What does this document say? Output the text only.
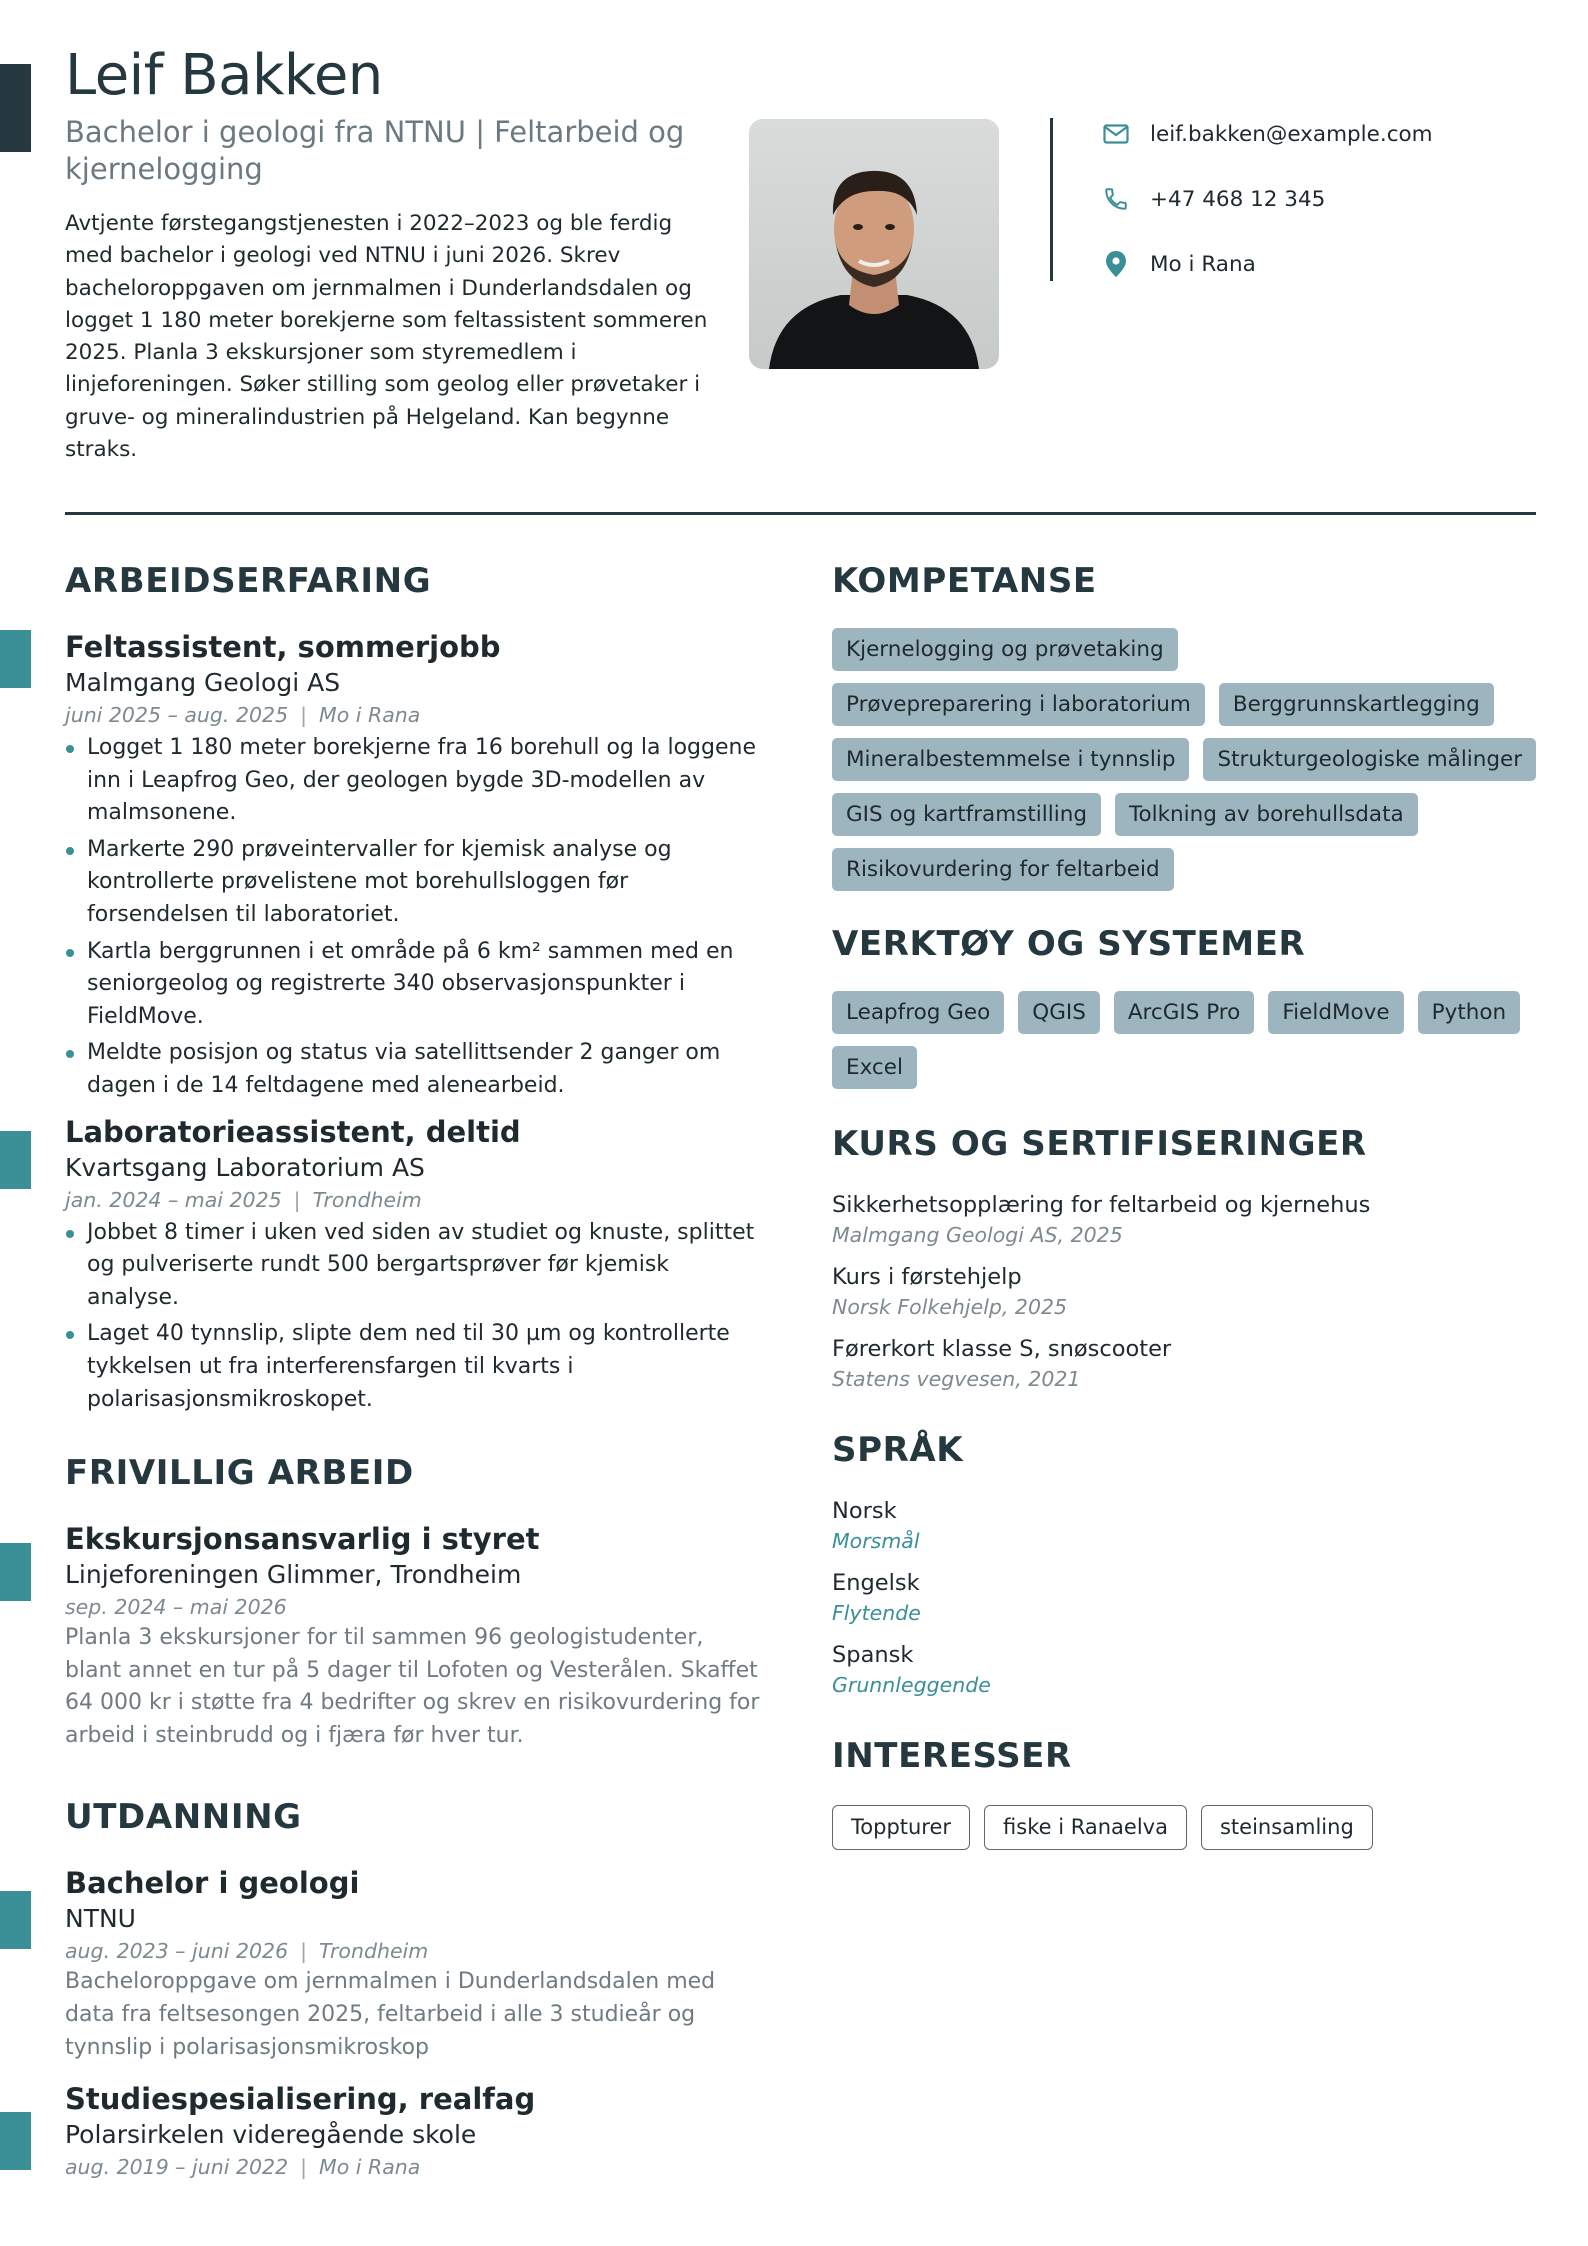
Leif Bakken

Bachelor i geologi fra NTNU | Feltarbeid og kjernelogging

Avtjente førstegangstjenesten i 2022–2023 og ble ferdig med bachelor i geologi ved NTNU i juni 2026. Skrev bacheloroppgaven om jernmalmen i Dunderlandsdalen og logget 1 180 meter borekjerne som feltassistent sommeren 2025. Planla 3 ekskursjoner som styremedlem i linjeforeningen. Søker stilling som geolog eller prøvetaker i gruve- og mineralindustrien på Helgeland. Kan begynne straks.

leif.bakken@example.com
+47 468 12 345
Mo i Rana
ARBEIDSERFARING
Feltassistent, sommerjobb
Malmgang Geologi AS
juni 2025 – aug. 2025 | Mo i Rana
Logget 1 180 meter borekjerne fra 16 borehull og la loggene inn i Leapfrog Geo, der geologen bygde 3D-modellen av malmsonene.
Markerte 290 prøveintervaller for kjemisk analyse og kontrollerte prøvelistene mot borehullsloggen før forsendelsen til laboratoriet.
Kartla berggrunnen i et område på 6 km² sammen med en seniorgeolog og registrerte 340 observasjonspunkter i FieldMove.
Meldte posisjon og status via satellittsender 2 ganger om dagen i de 14 feltdagene med alenearbeid.
Laboratorieassistent, deltid
Kvartsgang Laboratorium AS
jan. 2024 – mai 2025 | Trondheim
Jobbet 8 timer i uken ved siden av studiet og knuste, splittet og pulveriserte rundt 500 bergartsprøver før kjemisk analyse.
Laget 40 tynnslip, slipte dem ned til 30 µm og kontrollerte tykkelsen ut fra interferensfargen til kvarts i polarisasjonsmikroskopet.
FRIVILLIG ARBEID
Ekskursjonsansvarlig i styret
Linjeforeningen Glimmer, Trondheim
sep. 2024 – mai 2026
Planla 3 ekskursjoner for til sammen 96 geologistudenter, blant annet en tur på 5 dager til Lofoten og Vesterålen. Skaffet 64 000 kr i støtte fra 4 bedrifter og skrev en risikovurdering for arbeid i steinbrudd og i fjæra før hver tur.
UTDANNING
Bachelor i geologi
NTNU
aug. 2023 – juni 2026 | Trondheim
Bacheloroppgave om jernmalmen i Dunderlandsdalen med data fra feltsesongen 2025, feltarbeid i alle 3 studieår og tynnslip i polarisasjonsmikroskop
Studiespesialisering, realfag
Polarsirkelen videregående skole
aug. 2019 – juni 2022 | Mo i Rana
KOMPETANSE
Kjernelogging og prøvetaking
Prøvepreparering i laboratorium	Berggrunnskartlegging
Mineralbestemmelse i tynnslip	Strukturgeologiske målinger
GIS og kartframstilling	Tolkning av borehullsdata
Risikovurdering for feltarbeid
VERKTØY OG SYSTEMER
Leapfrog Geo	QGIS	ArcGIS Pro	FieldMove	Python
Excel
KURS OG SERTIFISERINGER
Sikkerhetsopplæring for feltarbeid og kjernehus
Malmgang Geologi AS, 2025
Kurs i førstehjelp
Norsk Folkehjelp, 2025
Førerkort klasse S, snøscooter
Statens vegvesen, 2021
SPRÅK
Norsk
Morsmål
Engelsk
Flytende
Spansk
Grunnleggende
INTERESSER
Toppturer	fiske i Ranaelva	steinsamling
